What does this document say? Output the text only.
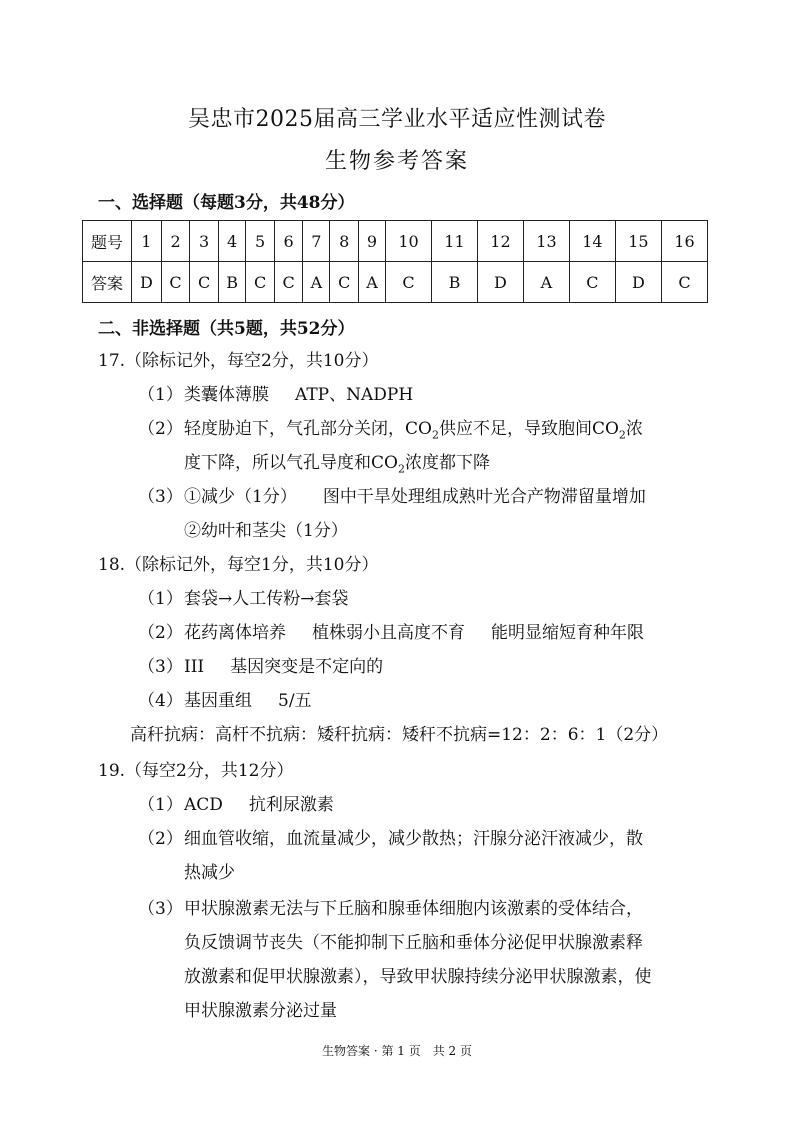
吴忠市2025届高三学业水平适应性测试卷
生物参考答案
一、选择题（每题3分，共48分）
题号	1	2	3	4	5	6	7	8	9	10	11	12	13	14	15	16
答案	D	C	C	B	C	C	A	C	A	C	B	D	A	C	D	C
二、非选择题（共5题，共52分）
17.（除标记外，每空2分，共10分）
（1）类囊体薄膜 ATP、NADPH
（2）轻度胁迫下，气孔部分关闭，$CO_2$供应不足，导致胞间$CO_2$浓
度下降，所以气孔导度和$CO_2$浓度都下降
（3）①减少（1分） 图中干旱处理组成熟叶光合产物滞留量增加
②幼叶和茎尖（1分）
18.（除标记外，每空1分，共10分）
（1）套袋→人工传粉→套袋
（2）花药离体培养 植株弱小且高度不育 能明显缩短育种年限
（3）III 基因突变是不定向的
（4）基因重组 5/五
高秆抗病：高杆不抗病：矮秆抗病：矮秆不抗病=12：2：6：1（2分）
19.（每空2分，共12分）
（1）ACD 抗利尿激素
（2）细血管收缩，血流量减少，减少散热；汗腺分泌汗液减少，散
热减少
（3）甲状腺激素无法与下丘脑和腺垂体细胞内该激素的受体结合，
负反馈调节丧失（不能抑制下丘脑和垂体分泌促甲状腺激素释
放激素和促甲状腺激素），导致甲状腺持续分泌甲状腺激素，使
甲状腺激素分泌过量
生物答案 · 第 1 页　共 2 页
